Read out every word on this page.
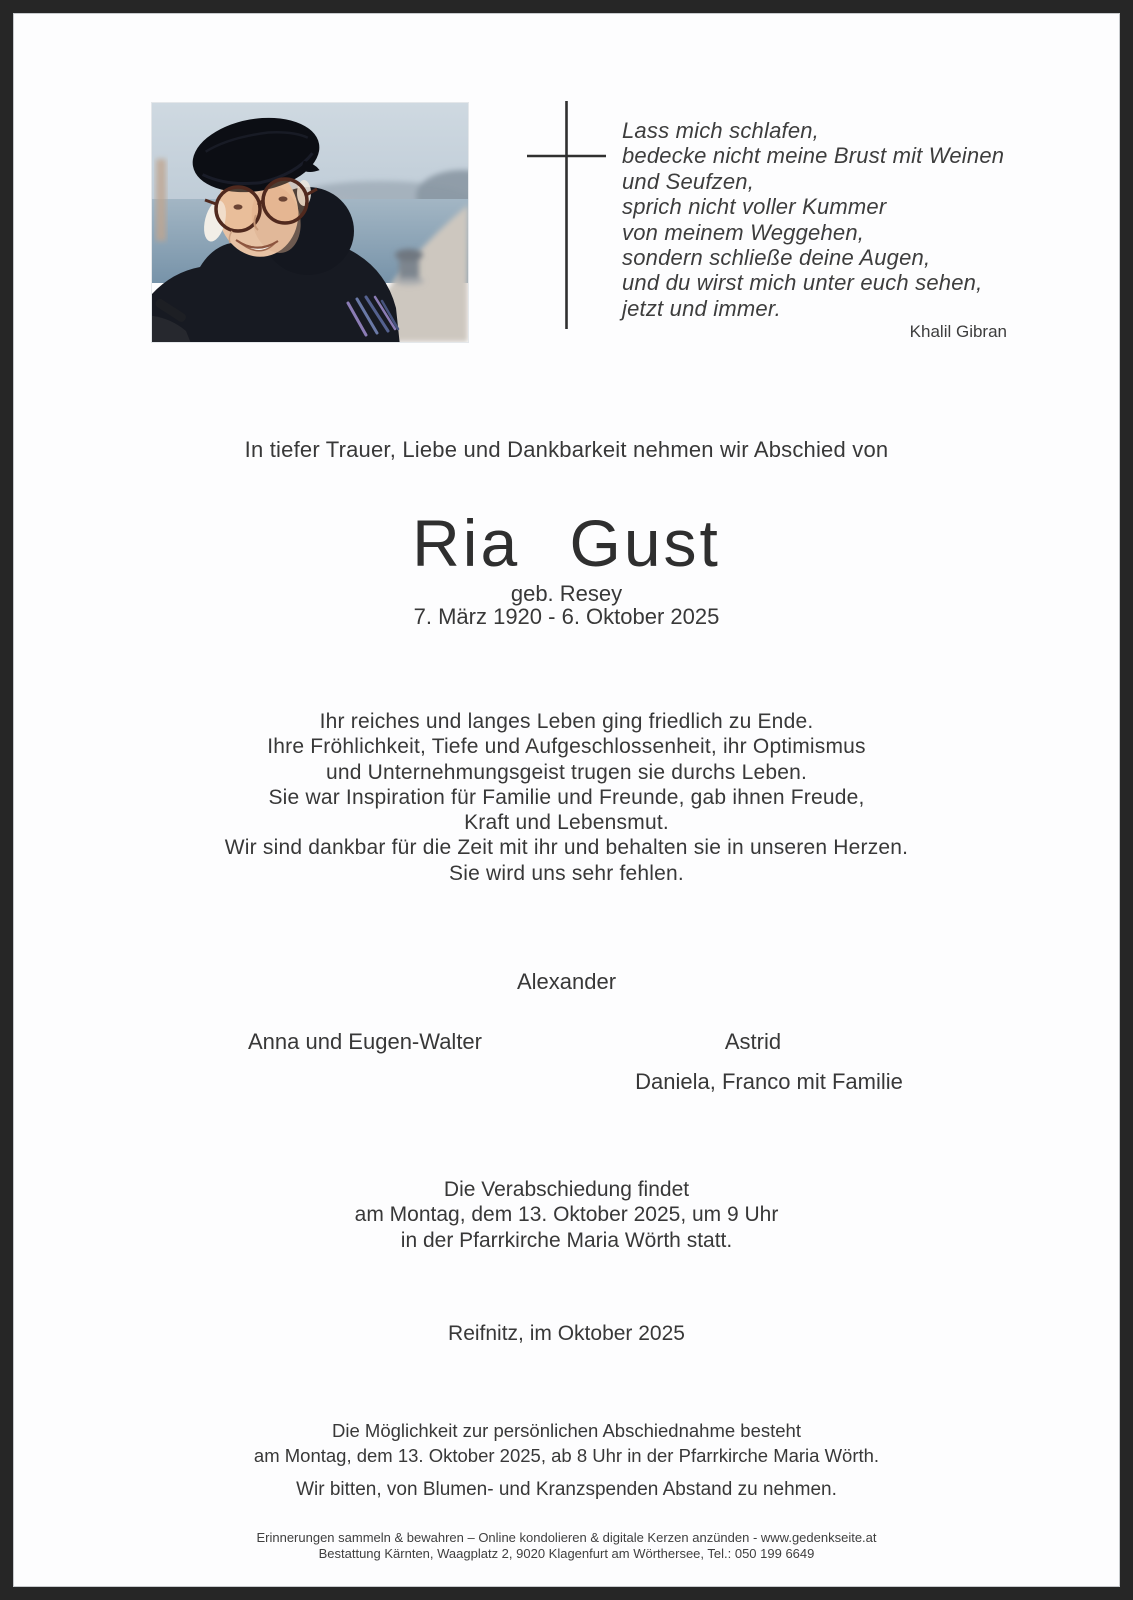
Lass mich schlafen,
bedecke nicht meine Brust mit Weinen
und Seufzen,
sprich nicht voller Kummer
von meinem Weggehen,
sondern schließe deine Augen,
und du wirst mich unter euch sehen,
jetzt und immer.
Khalil Gibran
In tiefer Trauer, Liebe und Dankbarkeit nehmen wir Abschied von
Ria Gust
geb. Resey
7. März 1920 - 6. Oktober 2025
Ihr reiches und langes Leben ging friedlich zu Ende.
Ihre Fröhlichkeit, Tiefe und Aufgeschlossenheit, ihr Optimismus
und Unternehmungsgeist trugen sie durchs Leben.
Sie war Inspiration für Familie und Freunde, gab ihnen Freude,
Kraft und Lebensmut.
Wir sind dankbar für die Zeit mit ihr und behalten sie in unseren Herzen.
Sie wird uns sehr fehlen.
Alexander
Anna und Eugen-Walter	Astrid
Daniela, Franco mit Familie
Die Verabschiedung findet
am Montag, dem 13. Oktober 2025, um 9 Uhr
in der Pfarrkirche Maria Wörth statt.
Reifnitz, im Oktober 2025
Die Möglichkeit zur persönlichen Abschiednahme besteht
am Montag, dem 13. Oktober 2025, ab 8 Uhr in der Pfarrkirche Maria Wörth.
Wir bitten, von Blumen- und Kranzspenden Abstand zu nehmen.
Erinnerungen sammeln & bewahren – Online kondolieren & digitale Kerzen anzünden - www.gedenkseite.at
Bestattung Kärnten, Waagplatz 2, 9020 Klagenfurt am Wörthersee, Tel.: 050 199 6649
